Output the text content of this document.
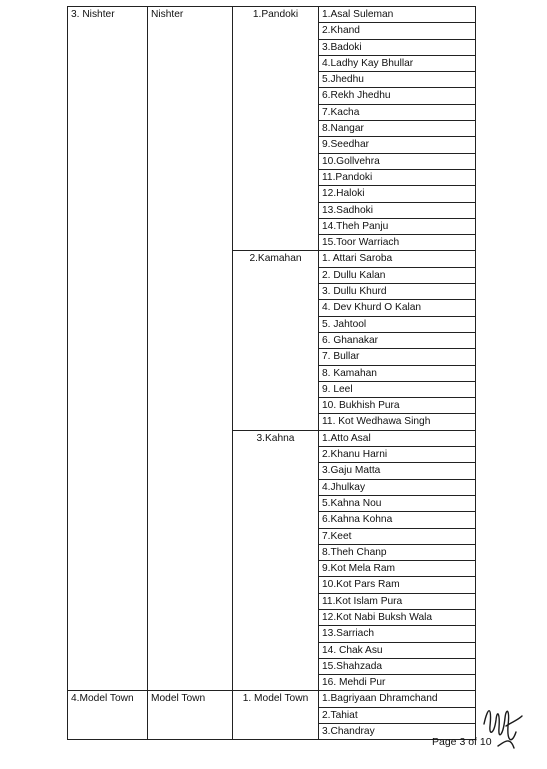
3. Nishter	Nishter	1.Pandoki	1.Asal Suleman
			2.Khand
			3.Badoki
			4.Ladhy Kay Bhullar
			5.Jhedhu
			6.Rekh Jhedhu
			7.Kacha
			8.Nangar
			9.Seedhar
			10.Gollvehra
			11.Pandoki
			12.Haloki
			13.Sadhoki
			14.Theh Panju
			15.Toor Warriach
		2.Kamahan	1. Attari Saroba
			2. Dullu Kalan
			3. Dullu Khurd
			4. Dev Khurd O Kalan
			5. Jahtool
			6. Ghanakar
			7. Bullar
			8. Kamahan
			9. Leel
			10. Bukhish Pura
			11. Kot Wedhawa Singh
		3.Kahna	1.Atto Asal
			2.Khanu Harni
			3.Gaju Matta
			4.Jhulkay
			5.Kahna Nou
			6.Kahna Kohna
			7.Keet
			8.Theh Chanp
			9.Kot Mela Ram
			10.Kot Pars Ram
			11.Kot Islam Pura
			12.Kot Nabi Buksh Wala
			13.Sarriach
			14. Chak Asu
			15.Shahzada
			16. Mehdi Pur
4.Model Town	Model Town	1. Model Town	1.Bagriyaan Dhramchand
			2.Tahiat
			3.Chandray
Page 3 of 10
